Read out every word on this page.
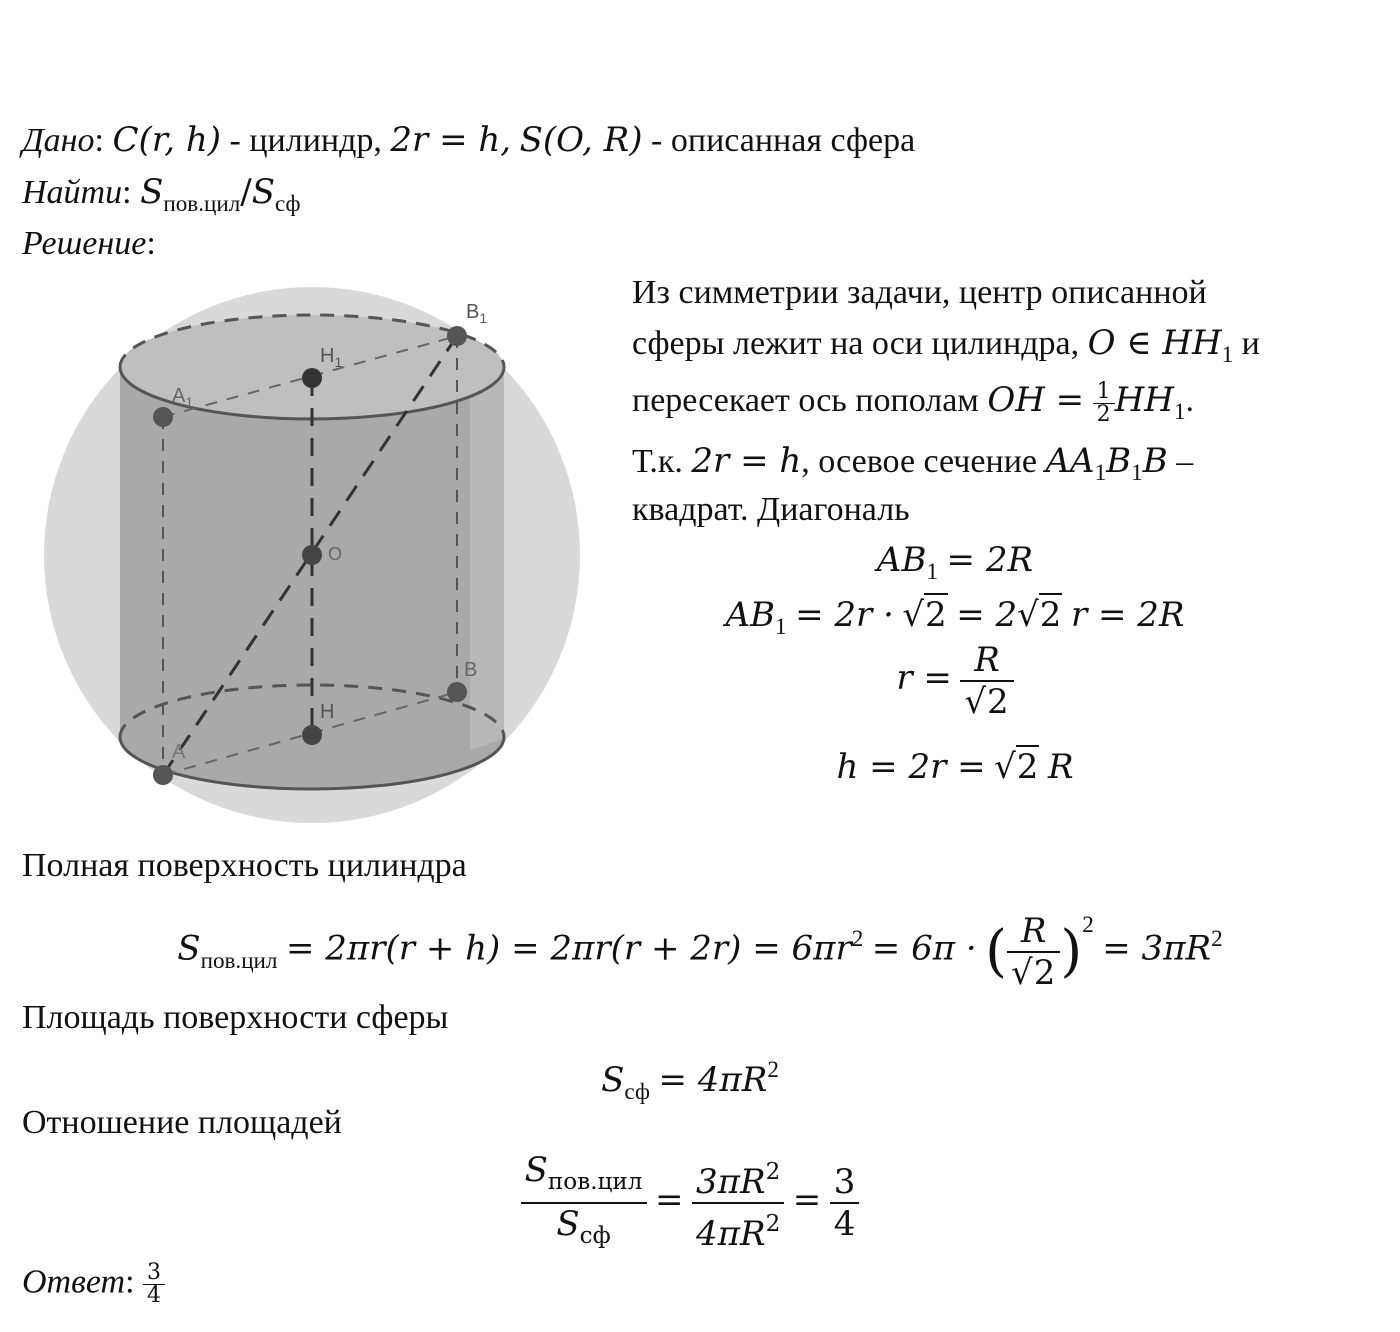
Дано: C(r, h) - цилиндр, 2r = h, S(O, R) - описанная сфера
Найти: $S_{пов.цил}/S_{сф}$
Решение:
$B_1$
$H_1$
$A_1$
O
B
H
A
Из симметрии задачи, центр описанной
сферы лежит на оси цилиндра, O ∈ $HH_1$ и
пересекает ось пополам OH = $\frac{1}{2} HH_1$.
Т.к. 2r = h, осевое сечение $AA_1B_1B$ –
квадрат. Диагональ
$AB_1 = 2R$
$AB_1 = 2r \cdot √2 = 2√2$ r = 2R
$r = \frac{R}{√2}$
h = 2r = √2 R
Полная поверхность цилиндра
$S_{пов.цил} = 2\pi r(r + h) = 2\pi r(r + 2r) = 6\pi r^2 = 6\pi$ · ( $\frac{R}{√2} )^2 = 3\pi R^2$
Площадь поверхности сферы
$S_{сф} = 4\pi R^2$
Отношение площадей
$\frac{S_{пов.цил}}{S_{сф}} = \frac{3\pi R^2}{4\pi R^2} = \frac{3}{4}$
Ответ: $\frac{3}{4}$
